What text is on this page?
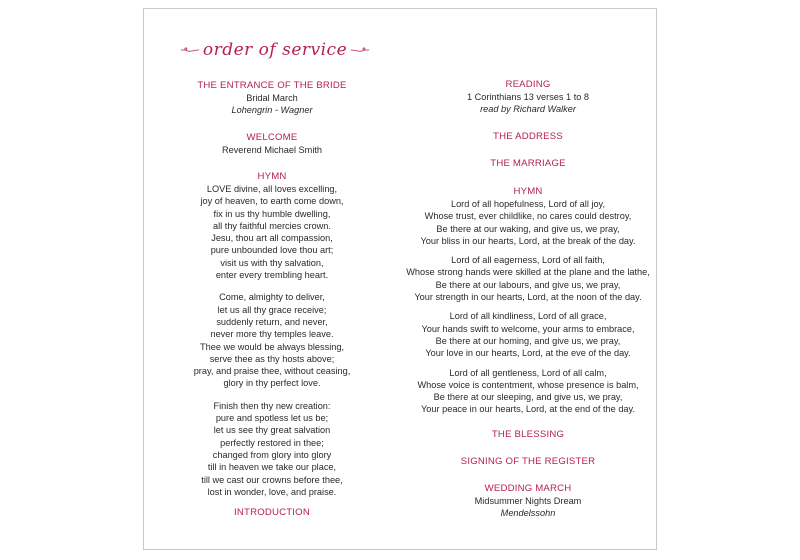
order of service
THE ENTRANCE OF THE BRIDE
Bridal March
Lohengrin - Wagner
WELCOME
Reverend Michael Smith
HYMN
LOVE divine, all loves excelling,
joy of heaven, to earth come down,
fix in us thy humble dwelling,
all thy faithful mercies crown.
Jesu, thou art all compassion,
pure unbounded love thou art;
visit us with thy salvation,
enter every trembling heart.
Come, almighty to deliver,
let us all thy grace receive;
suddenly return, and never,
never more thy temples leave.
Thee we would be always blessing,
serve thee as thy hosts above;
pray, and praise thee, without ceasing,
glory in thy perfect love.
Finish then thy new creation:
pure and spotless let us be;
let us see thy great salvation
perfectly restored in thee;
changed from glory into glory
till in heaven we take our place,
till we cast our crowns before thee,
lost in wonder, love, and praise.
INTRODUCTION
READING
1 Corinthians 13 verses 1 to 8
read by Richard Walker
THE ADDRESS
THE MARRIAGE
HYMN
Lord of all hopefulness, Lord of all joy,
Whose trust, ever childlike, no cares could destroy,
Be there at our waking, and give us, we pray,
Your bliss in our hearts, Lord, at the break of the day.
Lord of all eagerness, Lord of all faith,
Whose strong hands were skilled at the plane and the lathe,
Be there at our labours, and give us, we pray,
Your strength in our hearts, Lord, at the noon of the day.
Lord of all kindliness, Lord of all grace,
Your hands swift to welcome, your arms to embrace,
Be there at our homing, and give us, we pray,
Your love in our hearts, Lord, at the eve of the day.
Lord of all gentleness, Lord of all calm,
Whose voice is contentment, whose presence is balm,
Be there at our sleeping, and give us, we pray,
Your peace in our hearts, Lord, at the end of the day.
THE BLESSING
SIGNING OF THE REGISTER
WEDDING MARCH
Midsummer Nights Dream
Mendelssohn
